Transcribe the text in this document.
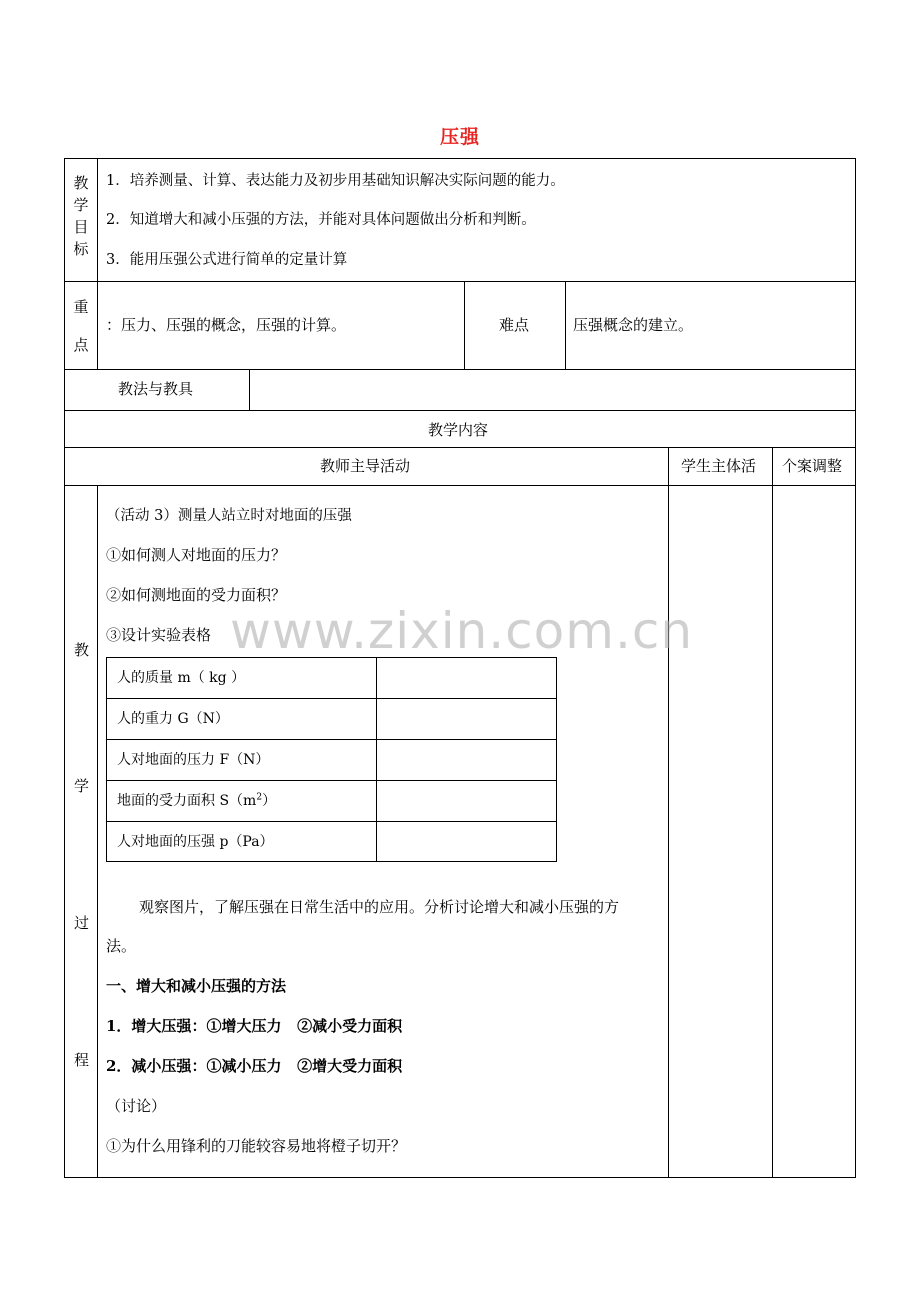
压强
教
学
目
标
1．培养测量、计算、表达能力及初步用基础知识解决实际问题的能力。
2．知道增大和减小压强的方法，并能对具体问题做出分析和判断。
3．能用压强公式进行简单的定量计算
重
点
：压力、压强的概念，压强的计算。	难点	压强概念的建立。
教法与教具
教学内容
教师主导活动	学生主体活 个案调整
教
学
过
程
www.zixin.com.cn
（活动 3）测量人站立时对地面的压强
①如何测人对地面的压力？
②如何测地面的受力面积？
③设计实验表格
人的质量 m（ kg ）
人的重力 G（N）
人对地面的压力 F（N）
地面的受力面积 $S(m^2)$
人对地面的压强 p（Pa）
观察图片，了解压强在日常生活中的应用。分析讨论增大和减小压强的方
法。
一、增大和减小压强的方法
1．增大压强：①增大压力   ②减小受力面积
2．减小压强：①减小压力   ②增大受力面积
（讨论）
①为什么用锋利的刀能较容易地将橙子切开？
